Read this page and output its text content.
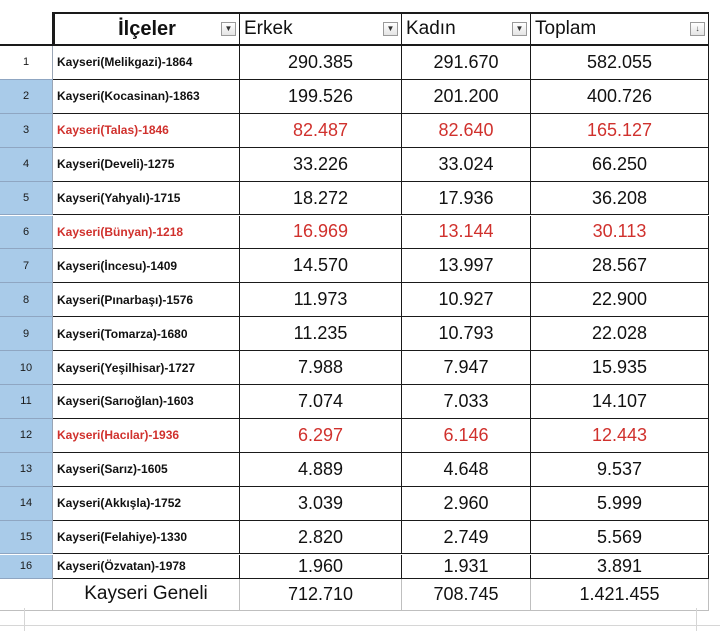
İlçeler	▼ Erkek	▼ Kadın	▼ Toplam	↓
1 Kayseri(Melikgazi)-1864	290.385	291.670	582.055
2 Kayseri(Kocasinan)-1863	199.526	201.200	400.726
3 Kayseri(Talas)-1846	82.487	82.640	165.127
4 Kayseri(Develi)-1275	33.226	33.024	66.250
5 Kayseri(Yahyalı)-1715	18.272	17.936	36.208
6 Kayseri(Bünyan)-1218	16.969	13.144	30.113
7 Kayseri(İncesu)-1409	14.570	13.997	28.567
8 Kayseri(Pınarbaşı)-1576	11.973	10.927	22.900
9 Kayseri(Tomarza)-1680	11.235	10.793	22.028
10 Kayseri(Yeşilhisar)-1727	7.988	7.947	15.935
11 Kayseri(Sarıoğlan)-1603	7.074	7.033	14.107
12 Kayseri(Hacılar)-1936	6.297	6.146	12.443
13 Kayseri(Sarız)-1605	4.889	4.648	9.537
14 Kayseri(Akkışla)-1752	3.039	2.960	5.999
15 Kayseri(Felahiye)-1330	2.820	2.749	5.569
16 Kayseri(Özvatan)-1978	1.960	1.931	3.891
Kayseri Geneli	712.710	708.745	1.421.455
